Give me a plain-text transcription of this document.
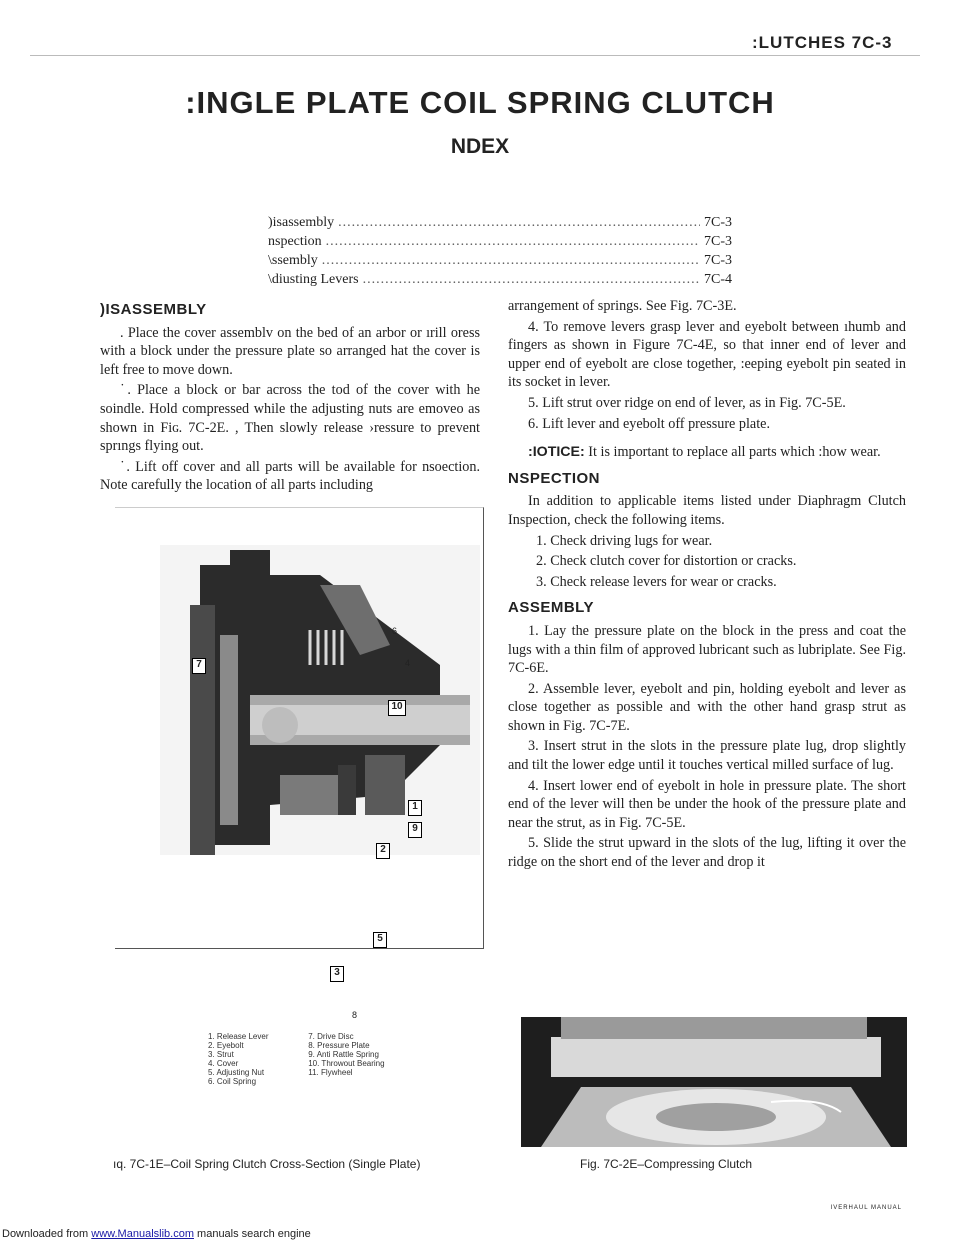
:LUTCHES 7C-3
:INGLE PLATE COIL SPRING CLUTCH
NDEX
)isassembly .....	7C-3
nspection .....	7C-3
\ssembly .....	7C-3
\diusting Levers .....	7C-4
)ISASSEMBLY

. Place the cover assemblv on the bed of an arbor or ırill oress with a block under the pressure plate so arranged hat the cover is left free to move down.

˙. Place a block or bar across the tod of the cover with he soindle. Hold compressed while the adjusting nuts are emoveo as shown in Fiɢ. 7C-2E. , Then slowly release ›ressure to prevent sprıngs flying out.

˙. Lift off cover and all parts will be available for nsoection. Note carefully the location of all parts including

7
10
1
9
2
5
3
4
6
8
11
1. Release Lever
2. Eyebolt
3. Strut
4. Cover
5. Adjusting Nut
6. Coil Spring

7. Drive Disc
8. Pressure Plate
9. Anti Rattle Spring
10. Throwout Bearing
11. Flywheel
ıq. 7C-1E–Coil Spring Clutch Cross-Section (Single Plate)

arrangement of springs. See Fig. 7C-3E.

4. To remove levers grasp lever and eyebolt between ıhumb and fingers as shown in Figure 7C-4E, so that inner end of lever and upper end of eyebolt are close together, :eeping eyebolt pin seated in its socket in lever.

5. Lift strut over ridge on end of lever, as in Fig. 7C-5E.

6. Lift lever and eyebolt off pressure plate.

:IOTICE: It is important to replace all parts which :how wear.

NSPECTION

In addition to applicable items listed under Diaphragm Clutch Inspection, check the following items.

1. Check driving lugs for wear.

2. Check clutch cover for distortion or cracks.

3. Check release levers for wear or cracks.

ASSEMBLY

1. Lay the pressure plate on the block in the press and coat the lugs with a thin film of approved lubricant such as lubriplate. See Fig. 7C-6E.

2. Assemble lever, eyebolt and pin, holding eyebolt and lever as close together as possible and with the other hand grasp strut as shown in Fig. 7C-7E.

3. Insert strut in the slots in the pressure plate lug, drop slightly and tilt the lower edge until it touches vertical milled surface of lug.

4. Insert lower end of eyebolt in hole in pressure plate. The short end of the lever will then be under the hook of the pressure plate and near the strut, as in Fig. 7C-5E.

5. Slide the strut upward in the slots of the lug, lifting it over the ridge on the short end of the lever and drop it

Fig. 7C-2E–Compressing Clutch
IVERHAUL MANUAL
Downloaded from www.Manualslib.com manuals search engine
